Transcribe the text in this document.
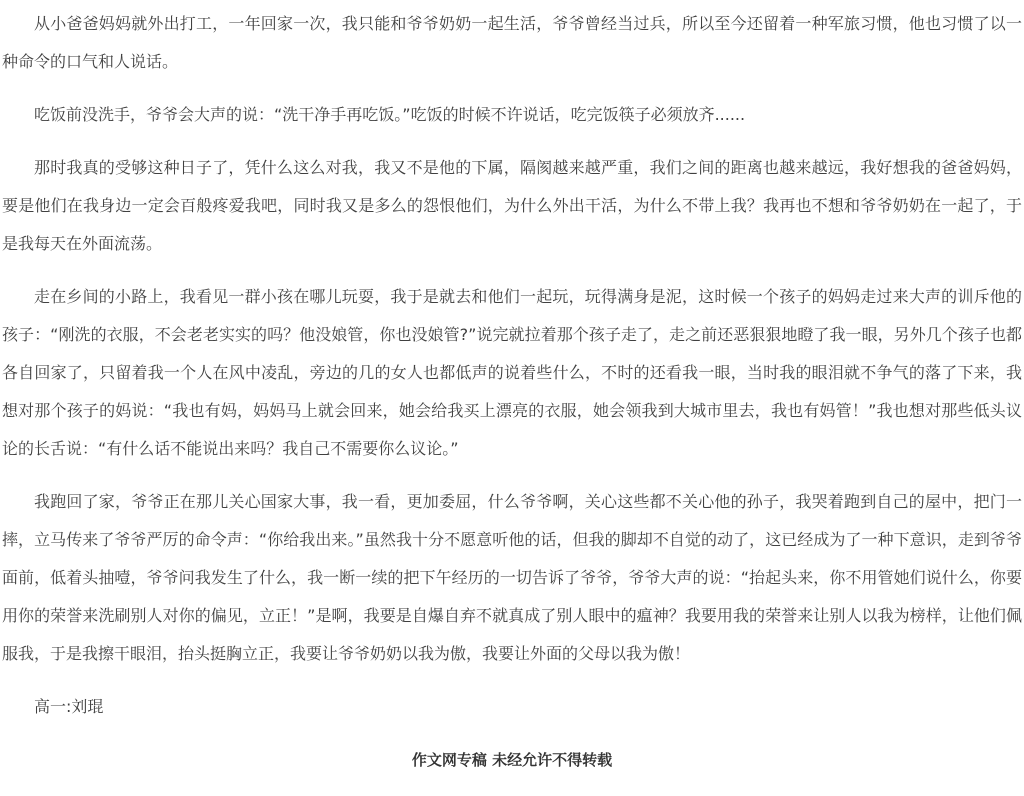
从小爸爸妈妈就外出打工，一年回家一次，我只能和爷爷奶奶一起生活，爷爷曾经当过兵，所以至今还留着一种军旅习惯，他也习惯了以一种命令的口气和人说话。

吃饭前没洗手，爷爷会大声的说：“洗干净手再吃饭。”吃饭的时候不许说话，吃完饭筷子必须放齐......

那时我真的受够这种日子了，凭什么这么对我，我又不是他的下属，隔阂越来越严重，我们之间的距离也越来越远，我好想我的爸爸妈妈，要是他们在我身边一定会百般疼爱我吧，同时我又是多么的怨恨他们，为什么外出干活，为什么不带上我？我再也不想和爷爷奶奶在一起了，于是我每天在外面流荡。

走在乡间的小路上，我看见一群小孩在哪儿玩耍，我于是就去和他们一起玩，玩得满身是泥，这时候一个孩子的妈妈走过来大声的训斥他的孩子：“刚洗的衣服，不会老老实实的吗？他没娘管，你也没娘管?”说完就拉着那个孩子走了，走之前还恶狠狠地瞪了我一眼，另外几个孩子也都各自回家了，只留着我一个人在风中凌乱，旁边的几的女人也都低声的说着些什么，不时的还看我一眼，当时我的眼泪就不争气的落了下来，我想对那个孩子的妈说：“我也有妈，妈妈马上就会回来，她会给我买上漂亮的衣服，她会领我到大城市里去，我也有妈管！”我也想对那些低头议论的长舌说：“有什么话不能说出来吗？我自己不需要你么议论。”

我跑回了家，爷爷正在那儿关心国家大事，我一看，更加委屈，什么爷爷啊，关心这些都不关心他的孙子，我哭着跑到自己的屋中，把门一摔，立马传来了爷爷严厉的命令声：“你给我出来。”虽然我十分不愿意听他的话，但我的脚却不自觉的动了，这已经成为了一种下意识，走到爷爷面前，低着头抽噎，爷爷问我发生了什么，我一断一续的把下午经历的一切告诉了爷爷，爷爷大声的说：“抬起头来，你不用管她们说什么，你要用你的荣誉来洗刷别人对你的偏见，立正！”是啊，我要是自爆自弃不就真成了别人眼中的瘟神？我要用我的荣誉来让别人以我为榜样，让他们佩服我，于是我擦干眼泪，抬头挺胸立正，我要让爷爷奶奶以我为傲，我要让外面的父母以我为傲！

高一:刘琨

作文网专稿 未经允许不得转载
